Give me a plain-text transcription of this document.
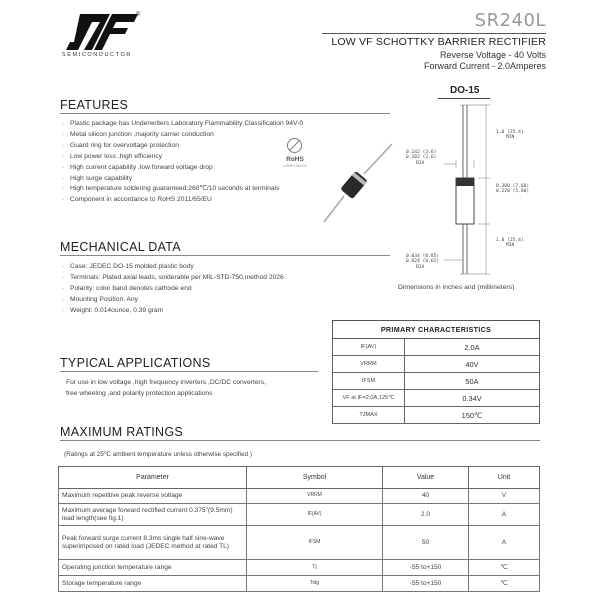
®
SEMICONDUCTOR
SR240L
LOW VF SCHOTTKY BARRIER RECTIFIER
Reverse Voltage - 40 Volts
Forward Current - 2.0Amperes
FEATURES
· Plastic package has Underwriters Laboratory Flammability Classification 94V-0
· Metal silicon junction ,majority carrier conduction
· Guard ring for overvoltage protection
· Low power loss ,high efficiency
· High current capability ,low forward voltage drop
· High surge capability
· High temperature soldering guaranteed:260℃/10 seconds at terminals
· Component in accordance to RoHS 2011/65/EU
RoHS
COMPLIANCE
DO-15
1.0 (25.4)
MIN
0.142 (3.6)
0.102 (2.6)
DIA
0.300 (7.60)
0.220 (5.60)
1.0 (25.4)
MIN
0.034 (0.85)
0.024 (0.62)
DIA
Dimensions in inches and (millimeters)
MECHANICAL DATA
· Case: JEDEC DO-15 molded plastic body
· Terminals: Plated axial leads, solderable per MIL-STD-750,method 2026
· Polarity: color band denotes cathode end
· Mounting Position: Any
· Weight: 0.014ounce, 0.39 gram
PRIMARY CHARACTERISTICS	
IF(AV)	2.0A
VRRM	40V
IFSM	50A
VF at IF=2.0A,125℃	0.34V
TJMAX	150℃
TYPICAL APPLICATIONS
For use in low voltage ,high frequency inverters ,DC/DC converters,
free wheeling ,and polarity protection applications
MAXIMUM RATINGS
(Ratings at 25℃ ambient temperature unless otherwise specified )
Parameter	Symbol	Value	Unit
Maximum repetitive peak reverse voltage	VRRM	40	V
Maximum average forward rectified current 0.375"(9.5mm) lead length(see fig.1)	IF(AV)	2.0	A
Peak forward surge current 8.3ms single half sine-wave superimposed on rated load (JEDEC method at rated TL)	IFSM	50	A
Operating junction temperature range	Tj	-55 to+150	℃
Storage temperature range	Tstg	-55 to+150	℃
